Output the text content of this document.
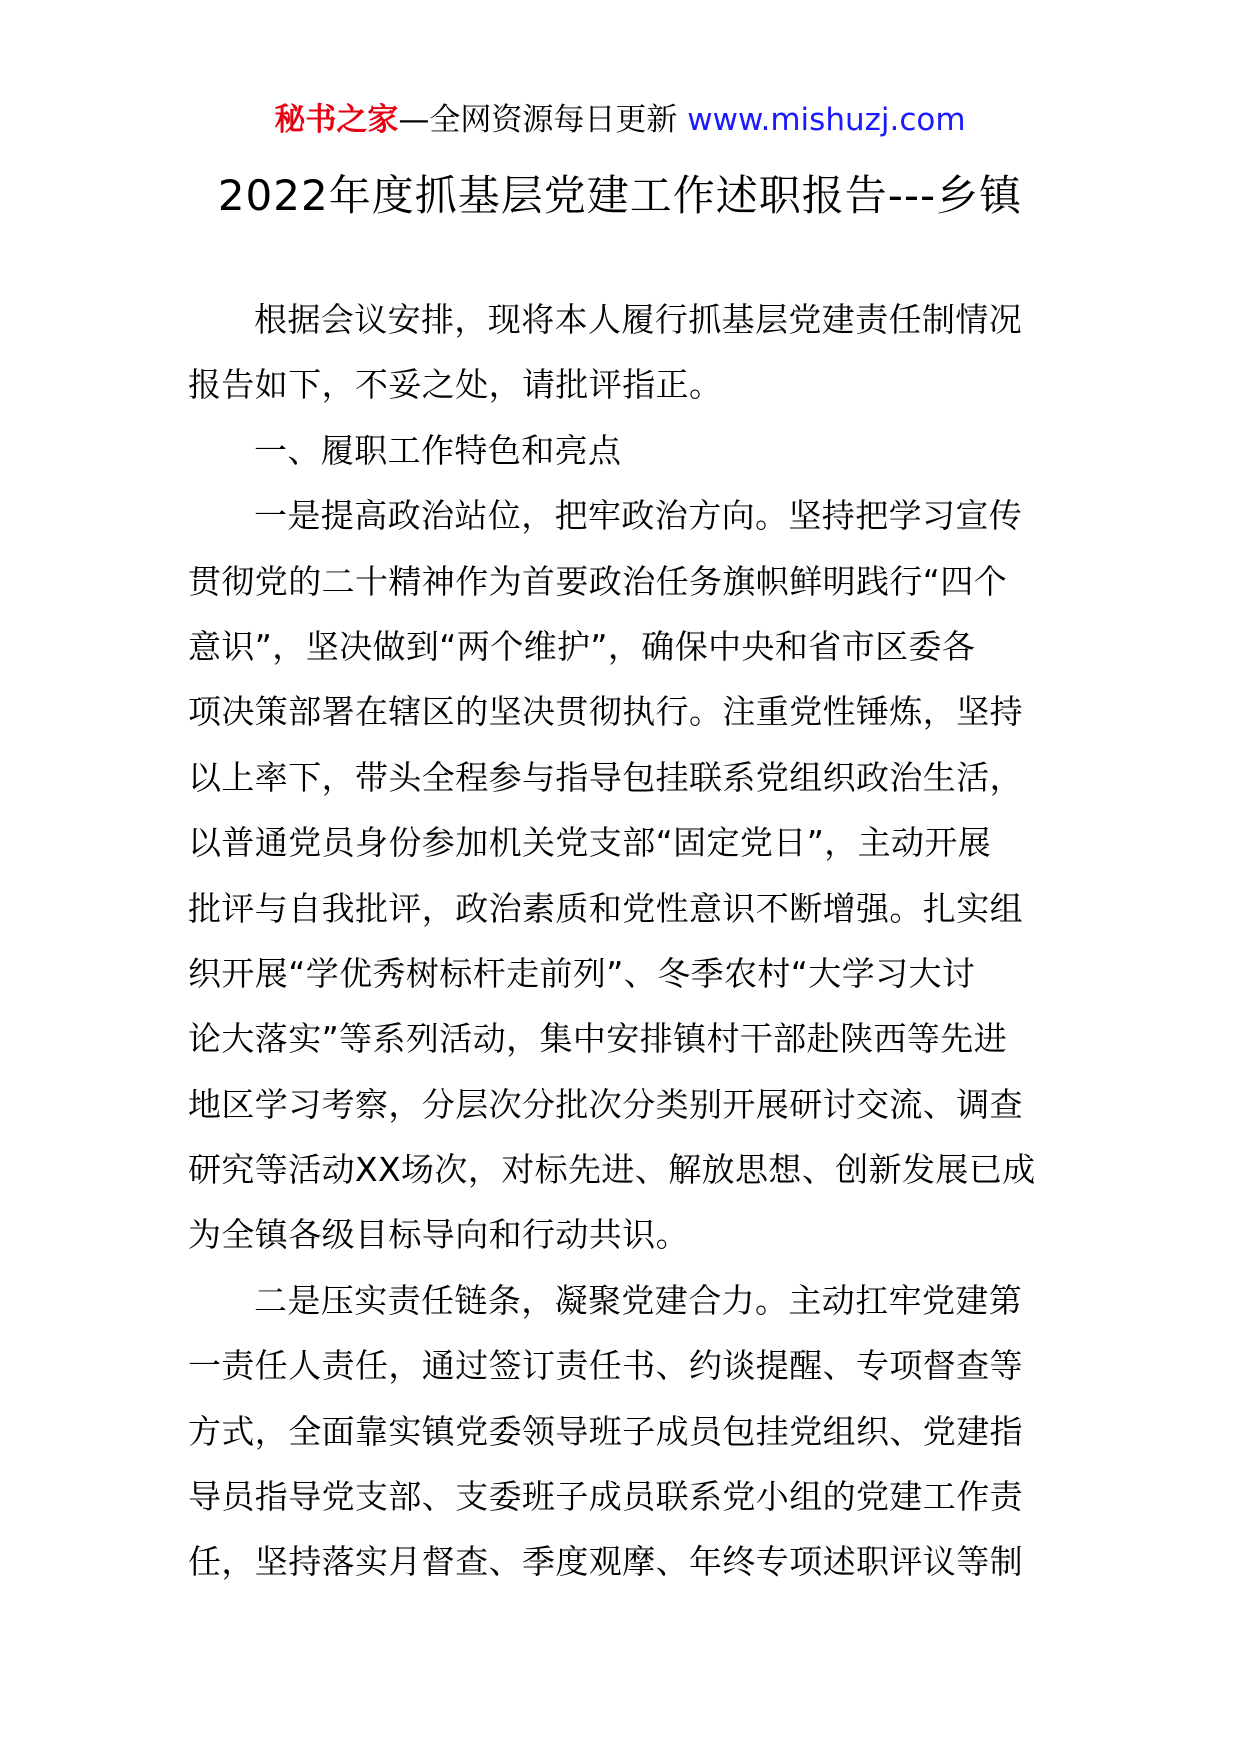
秘书之家—全网资源每日更新 www.mishuzj.com
2022年度抓基层党建工作述职报告---乡镇
根据会议安排，现将本人履行抓基层党建责任制情况
报告如下，不妥之处，请批评指正。
一、履职工作特色和亮点
一是提高政治站位，把牢政治方向。坚持把学习宣传
贯彻党的二十精神作为首要政治任务旗帜鲜明践行“四个
意识”，坚决做到“两个维护”，确保中央和省市区委各
项决策部署在辖区的坚决贯彻执行。注重党性锤炼，坚持
以上率下，带头全程参与指导包挂联系党组织政治生活，
以普通党员身份参加机关党支部“固定党日”，主动开展
批评与自我批评，政治素质和党性意识不断增强。扎实组
织开展“学优秀树标杆走前列”、冬季农村“大学习大讨
论大落实”等系列活动，集中安排镇村干部赴陕西等先进
地区学习考察，分层次分批次分类别开展研讨交流、调查
研究等活动XX场次，对标先进、解放思想、创新发展已成
为全镇各级目标导向和行动共识。
二是压实责任链条，凝聚党建合力。主动扛牢党建第
一责任人责任，通过签订责任书、约谈提醒、专项督查等
方式，全面靠实镇党委领导班子成员包挂党组织、党建指
导员指导党支部、支委班子成员联系党小组的党建工作责
任，坚持落实月督查、季度观摩、年终专项述职评议等制
